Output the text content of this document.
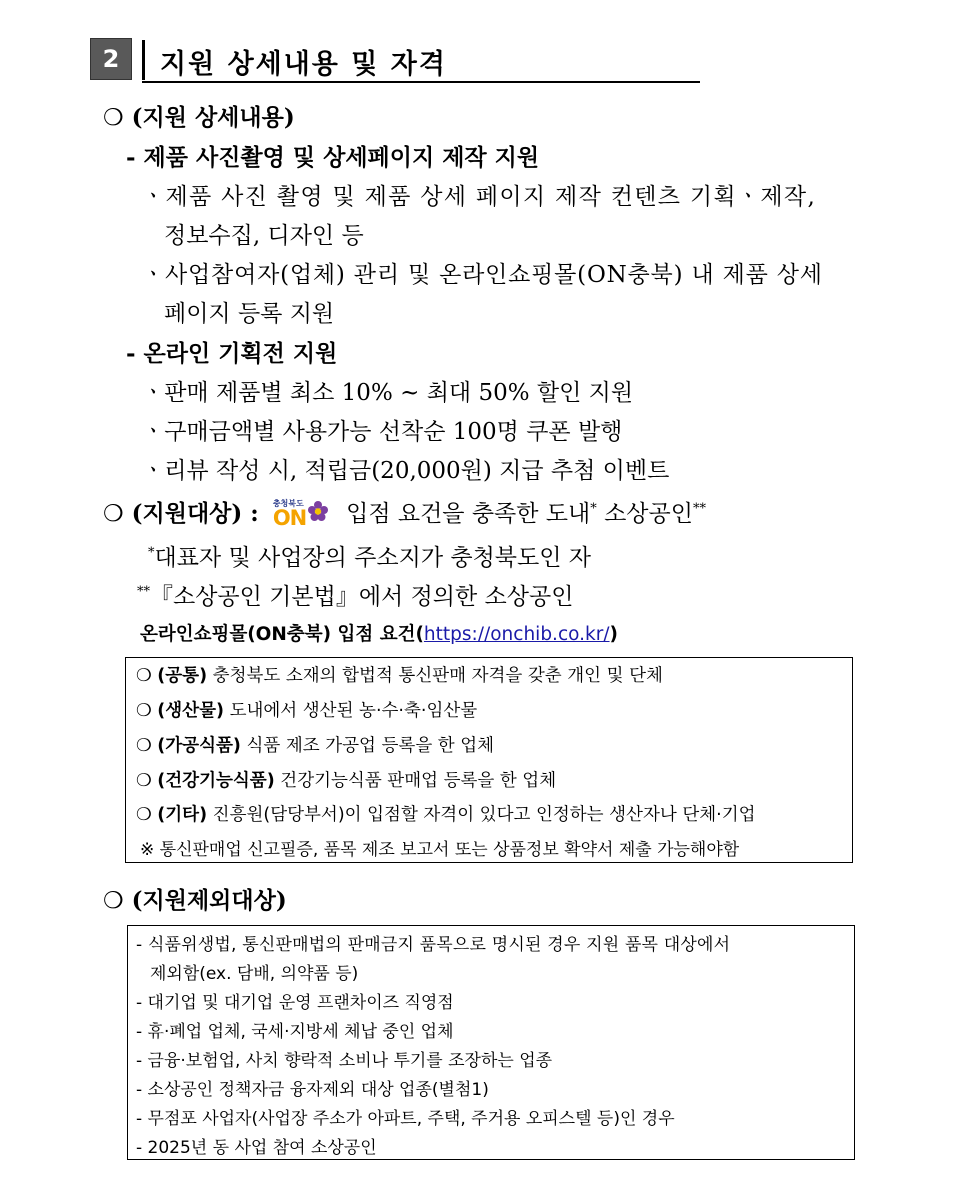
2	지원 상세내용 및 자격
❍ (지원 상세내용)
- 제품 사진촬영 및 상세페이지 제작 지원
ㆍ제품 사진 촬영 및 제품 상세 페이지 제작 컨텐츠 기획ㆍ제작,
정보수집, 디자인 등
ㆍ사업참여자(업체) 관리 및 온라인쇼핑몰(ON충북) 내 제품 상세
페이지 등록 지원
- 온라인 기획전 지원
ㆍ판매 제품별 최소 10% ~ 최대 50% 할인 지원
ㆍ구매금액별 사용가능 선착순 100명 쿠폰 발행
ㆍ리뷰 작성 시, 적립금(20,000원) 지급 추첨 이벤트
❍ (지원대상) : 충청북도
ON 입점 요건을 충족한 도내* 소상공인**
*대표자 및 사업장의 주소지가 충청북도인 자
**『소상공인 기본법』에서 정의한 소상공인
온라인쇼핑몰(ON충북) 입점 요건(https://onchib.co.kr/)
❍ (공통) 충청북도 소재의 합법적 통신판매 자격을 갖춘 개인 및 단체
❍ (생산물) 도내에서 생산된 농·수·축·임산물
❍ (가공식품) 식품 제조 가공업 등록을 한 업체
❍ (건강기능식품) 건강기능식품 판매업 등록을 한 업체
❍ (기타) 진흥원(담당부서)이 입점할 자격이 있다고 인정하는 생산자나 단체·기업
※ 통신판매업 신고필증, 품목 제조 보고서 또는 상품정보 확약서 제출 가능해야함
❍ (지원제외대상)
- 식품위생법, 통신판매법의 판매금지 품목으로 명시된 경우 지원 품목 대상에서
제외함(ex. 담배, 의약품 등)
- 대기업 및 대기업 운영 프랜차이즈 직영점
- 휴·폐업 업체, 국세·지방세 체납 중인 업체
- 금융·보험업, 사치 향락적 소비나 투기를 조장하는 업종
- 소상공인 정책자금 융자제외 대상 업종(별첨1)
- 무점포 사업자(사업장 주소가 아파트, 주택, 주거용 오피스텔 등)인 경우
- 2025년 동 사업 참여 소상공인
